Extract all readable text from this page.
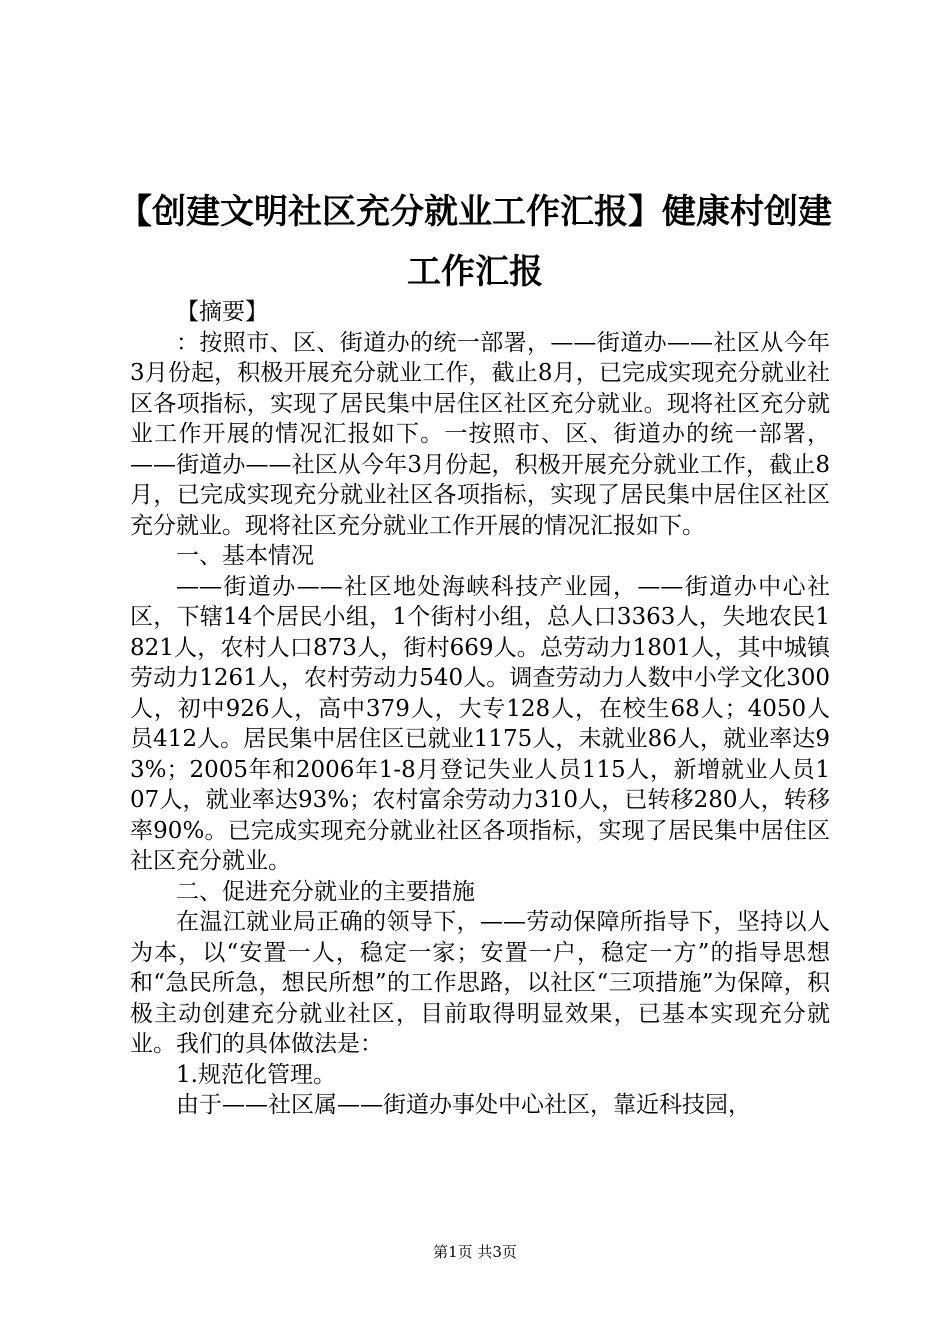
【创建文明社区充分就业工作汇报】健康村创建工作汇报

【摘要】

：按照市、区、街道办的统一部署，——街道办——社区从今年3月份起，积极开展充分就业工作，截止8月，已完成实现充分就业社区各项指标，实现了居民集中居住区社区充分就业。现将社区充分就业工作开展的情况汇报如下。一按照市、区、街道办的统一部署，——街道办——社区从今年3月份起，积极开展充分就业工作，截止8月，已完成实现充分就业社区各项指标，实现了居民集中居住区社区充分就业。现将社区充分就业工作开展的情况汇报如下。

一、基本情况

——街道办——社区地处海峡科技产业园，——街道办中心社区，下辖14个居民小组，1个街村小组，总人口3363人，失地农民1821人，农村人口873人，街村669人。总劳动力1801人，其中城镇劳动力1261人，农村劳动力540人。调查劳动力人数中小学文化300人，初中926人，高中379人，大专128人，在校生68人；4050人员412人。居民集中居住区已就业1175人，未就业86人，就业率达93%；2005年和2006年1-8月登记失业人员115人，新增就业人员107人，就业率达93%；农村富余劳动力310人，已转移280人，转移率90%。已完成实现充分就业社区各项指标，实现了居民集中居住区社区充分就业。

二、促进充分就业的主要措施

在温江就业局正确的领导下，——劳动保障所指导下，坚持以人为本，以“安置一人，稳定一家；安置一户，稳定一方”的指导思想和“急民所急，想民所想”的工作思路，以社区“三项措施”为保障，积极主动创建充分就业社区，目前取得明显效果，已基本实现充分就业。我们的具体做法是：

1.规范化管理。

由于——社区属——街道办事处中心社区，靠近科技园，

第1页 共3页
